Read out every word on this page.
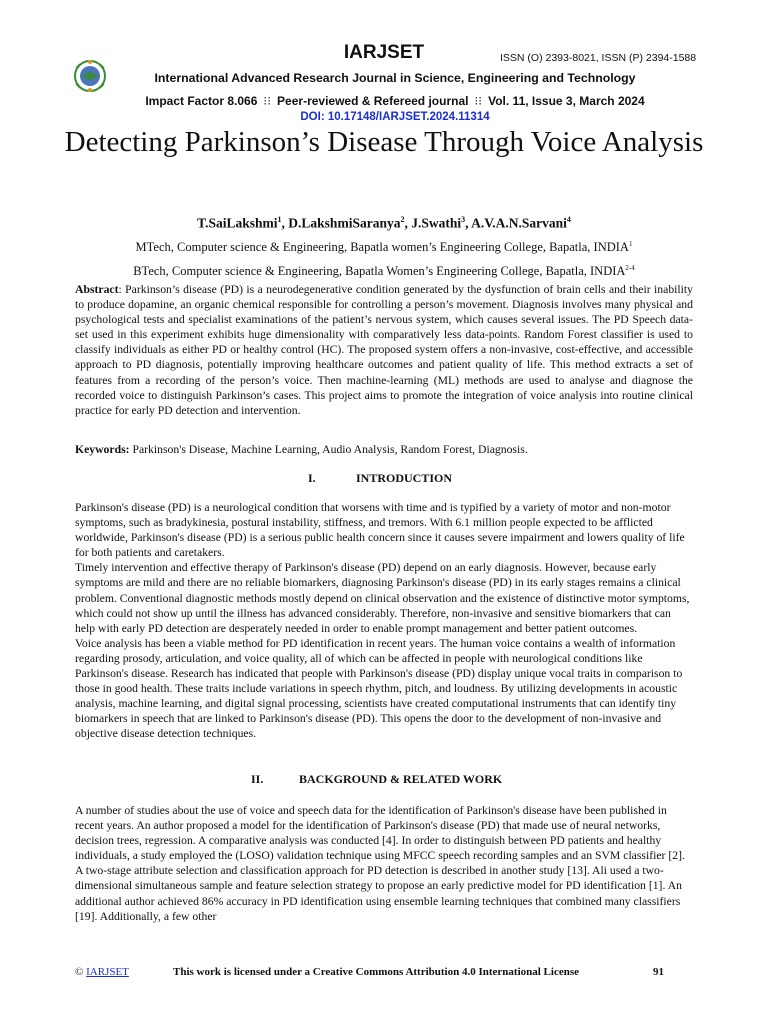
IARJSET	ISSN (O) 2393-8021, ISSN (P) 2394-1588
International Advanced Research Journal in Science, Engineering and Technology
Impact Factor 8.066 ⁝⁝ Peer-reviewed & Refereed journal ⁝⁝ Vol. 11, Issue 3, March 2024
DOI: 10.17148/IARJSET.2024.11314
Detecting Parkinson’s Disease Through Voice Analysis
T.SaiLakshmi$^1$, D.LakshmiSaranya$^2$, J.Swathi$^3$, A.V.A.N.Sarvani$^4$
MTech, Computer science & Engineering, Bapatla women’s Engineering College, Bapatla, INDIA$^1$
BTech, Computer science & Engineering, Bapatla Women’s Engineering College, Bapatla, INDIA$^{2-4}$
Abstract: Parkinson’s disease (PD) is a neurodegenerative condition generated by the dysfunction of brain cells and their inability to produce dopamine, an organic chemical responsible for controlling a person’s movement. Diagnosis involves many physical and psychological tests and specialist examinations of the patient’s nervous system, which causes several issues. The PD Speech data-set used in this experiment exhibits huge dimensionality with comparatively less data-points. Random Forest classifier is used to classify individuals as either PD or healthy control (HC). The proposed system offers a non-invasive, cost-effective, and accessible approach to PD diagnosis, potentially improving healthcare outcomes and patient quality of life. This method extracts a set of features from a recording of the person’s voice. Then machine-learning (ML) methods are used to analyse and diagnose the recorded voice to distinguish Parkinson’s cases. This project aims to promote the integration of voice analysis into routine clinical practice for early PD detection and intervention.
Keywords: Parkinson's Disease, Machine Learning, Audio Analysis, Random Forest, Diagnosis.
I.	INTRODUCTION

Parkinson's disease (PD) is a neurological condition that worsens with time and is typified by a variety of motor and non-motor symptoms, such as bradykinesia, postural instability, stiffness, and tremors. With 6.1 million people expected to be afflicted worldwide, Parkinson's disease (PD) is a serious public health concern since it causes severe impairment and lowers quality of life for both patients and caretakers.

Timely intervention and effective therapy of Parkinson's disease (PD) depend on an early diagnosis. However, because early symptoms are mild and there are no reliable biomarkers, diagnosing Parkinson's disease (PD) in its early stages remains a clinical problem. Conventional diagnostic methods mostly depend on clinical observation and the existence of distinctive motor symptoms, which could not show up until the illness has advanced considerably. Therefore, non-invasive and sensitive biomarkers that can help with early PD detection are desperately needed in order to enable prompt management and better patient outcomes.

Voice analysis has been a viable method for PD identification in recent years. The human voice contains a wealth of information regarding prosody, articulation, and voice quality, all of which can be affected in people with neurological conditions like Parkinson's disease. Research has indicated that people with Parkinson's disease (PD) display unique vocal traits in comparison to those in good health. These traits include variations in speech rhythm, pitch, and loudness. By utilizing developments in acoustic analysis, machine learning, and digital signal processing, scientists have created computational instruments that can identify tiny biomarkers in speech that are linked to Parkinson's disease (PD). This opens the door to the development of non-invasive and objective disease detection techniques.

II.	BACKGROUND & RELATED WORK

A number of studies about the use of voice and speech data for the identification of Parkinson's disease have been published in recent years. An author proposed a model for the identification of Parkinson's disease (PD) that made use of neural networks, decision trees, regression. A comparative analysis was conducted [4]. In order to distinguish between PD patients and healthy individuals, a study employed the (LOSO) validation technique using MFCC speech recording samples and an SVM classifier [2]. A two-stage attribute selection and classification approach for PD detection is described in another study [13]. Ali used a two-dimensional simultaneous sample and feature selection strategy to propose an early predictive model for PD identification [1]. An additional author achieved 86% accuracy in PD identification using ensemble learning techniques that combined many classifiers [19]. Additionally, a few other

© IARJSET	This work is licensed under a Creative Commons Attribution 4.0 International License	91
